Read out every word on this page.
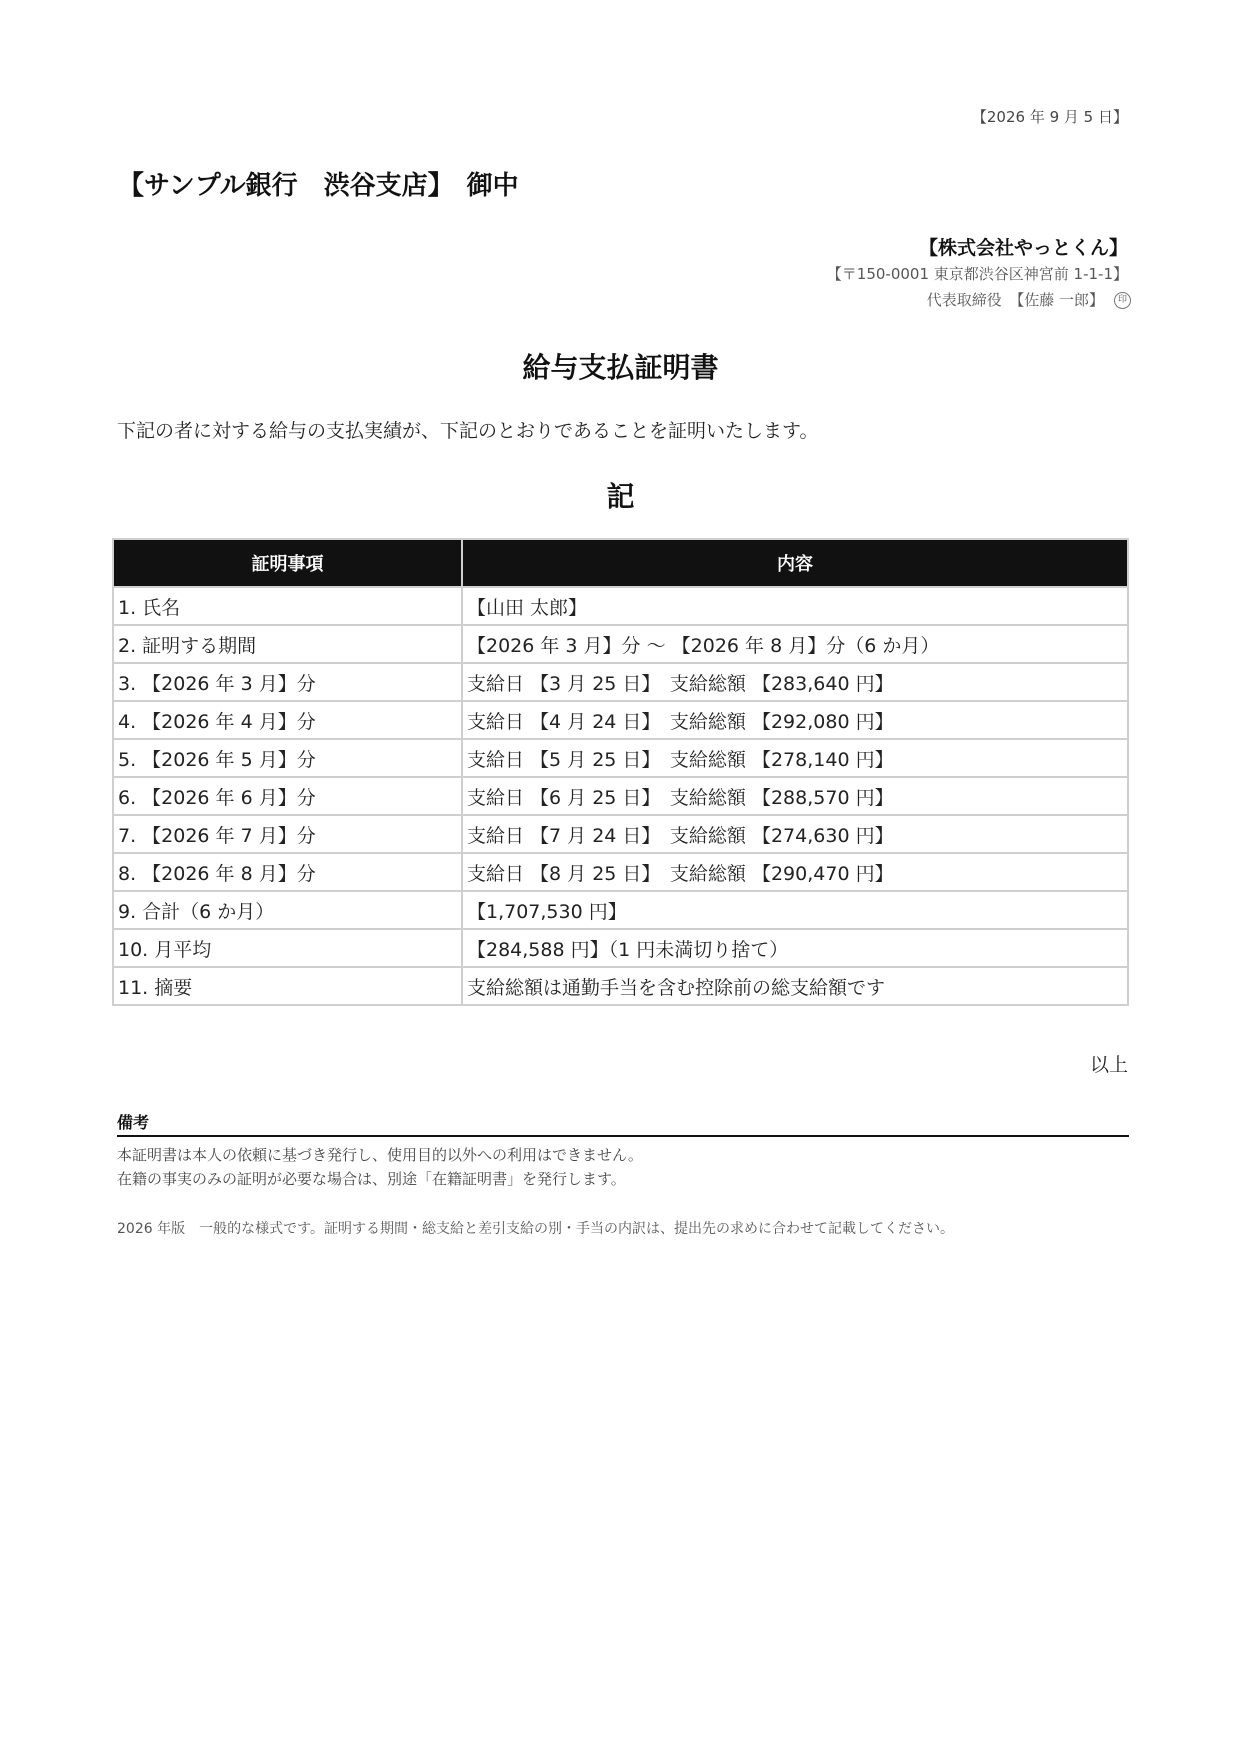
【2026 年 9 月 5 日】
【サンプル銀行　渋谷支店】　御中
【株式会社やっとくん】
【〒150-0001 東京都渋谷区神宮前 1-1-1】
代表取締役　【佐藤 一郎】 印
給与支払証明書
下記の者に対する給与の支払実績が、下記のとおりであることを証明いたします。
記
証明事項	内容
1. 氏名	【山田 太郎】
2. 証明する期間	【2026 年 3 月】分 〜 【2026 年 8 月】分（6 か月）
3. 【2026 年 3 月】分	支給日 【3 月 25 日】　支給総額 【283,640 円】
4. 【2026 年 4 月】分	支給日 【4 月 24 日】　支給総額 【292,080 円】
5. 【2026 年 5 月】分	支給日 【5 月 25 日】　支給総額 【278,140 円】
6. 【2026 年 6 月】分	支給日 【6 月 25 日】　支給総額 【288,570 円】
7. 【2026 年 7 月】分	支給日 【7 月 24 日】　支給総額 【274,630 円】
8. 【2026 年 8 月】分	支給日 【8 月 25 日】　支給総額 【290,470 円】
9. 合計（6 か月）	【1,707,530 円】
10. 月平均	【284,588 円】（1 円未満切り捨て）
11. 摘要	支給総額は通勤手当を含む控除前の総支給額です
以上
備考
本証明書は本人の依頼に基づき発行し、使用目的以外への利用はできません。
在籍の事実のみの証明が必要な場合は、別途「在籍証明書」を発行します。
2026 年版　一般的な様式です。証明する期間・総支給と差引支給の別・手当の内訳は、提出先の求めに合わせて記載してください。
